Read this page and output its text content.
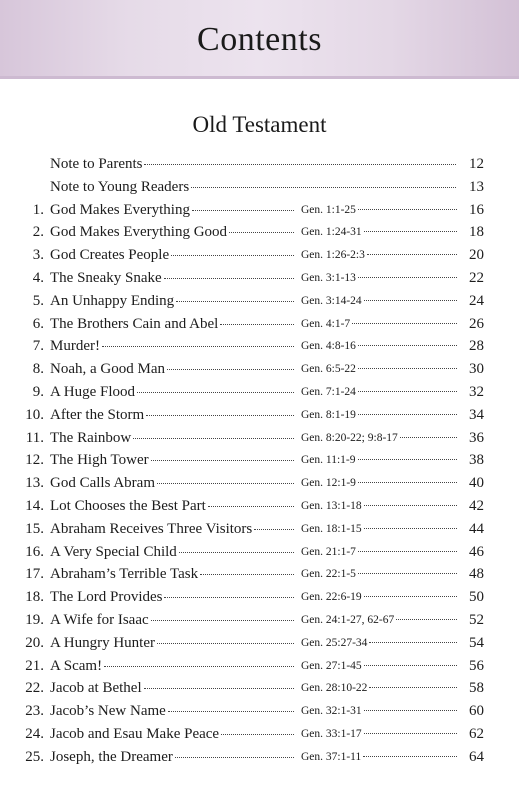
Contents
Old Testament
Note to Parents	12
Note to Young Readers	13
1. God Makes Everything	Gen. 1:1-25	16
2. God Makes Everything Good	Gen. 1:24-31	18
3. God Creates People	Gen. 1:26-2:3	20
4. The Sneaky Snake	Gen. 3:1-13	22
5. An Unhappy Ending	Gen. 3:14-24	24
6. The Brothers Cain and Abel	Gen. 4:1-7	26
7. Murder!	Gen. 4:8-16	28
8. Noah, a Good Man	Gen. 6:5-22	30
9. A Huge Flood	Gen. 7:1-24	32
10. After the Storm	Gen. 8:1-19	34
11. The Rainbow	Gen. 8:20-22; 9:8-17	36
12. The High Tower	Gen. 11:1-9	38
13. God Calls Abram	Gen. 12:1-9	40
14. Lot Chooses the Best Part	Gen. 13:1-18	42
15. Abraham Receives Three Visitors	Gen. 18:1-15	44
16. A Very Special Child	Gen. 21:1-7	46
17. Abraham’s Terrible Task	Gen. 22:1-5	48
18. The Lord Provides	Gen. 22:6-19	50
19. A Wife for Isaac	Gen. 24:1-27, 62-67	52
20. A Hungry Hunter	Gen. 25:27-34	54
21. A Scam!	Gen. 27:1-45	56
22. Jacob at Bethel	Gen. 28:10-22	58
23. Jacob’s New Name	Gen. 32:1-31	60
24. Jacob and Esau Make Peace	Gen. 33:1-17	62
25. Joseph, the Dreamer	Gen. 37:1-11	64
